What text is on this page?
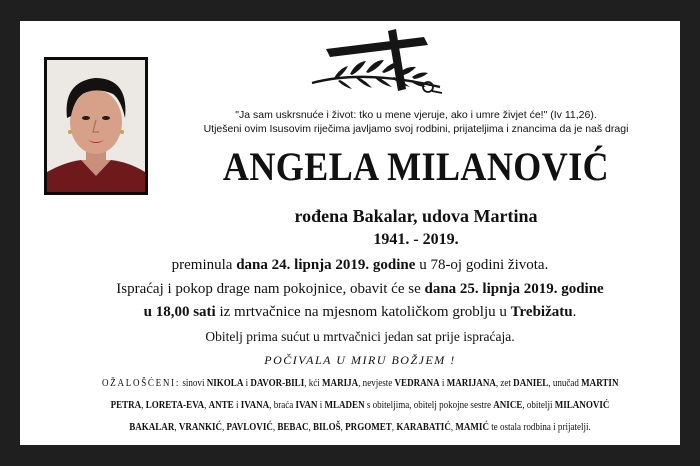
"Ja sam uskrsnuće i život: tko u mene vjeruje, ako i umre živjet će!" (Iv 11,26).
Utješeni ovim Isusovim riječima javljamo svoj rodbini, prijateljima i znancima da je naš dragi
ANGELA MILANOVIĆ
rođena Bakalar, udova Martina
1941. - 2019.
preminula dana 24. lipnja 2019. godine u 78-oj godini života.
Ispraćaj i pokop drage nam pokojnice, obavit će se dana 25. lipnja 2019. godine
u 18,00 sati iz mrtvačnice na mjesnom katoličkom groblju u Trebižatu.
Obitelj prima sućut u mrtvačnici jedan sat prije ispraćaja.
POČIVALA U MIRU BOŽJEM !
OŽALOŠĆENI: sinovi NIKOLA i DAVOR-BILI, kći MARIJA, nevjeste VEDRANA i MARIJANA, zet DANIEL, unučad MARTIN
PETRA, LORETA-EVA, ANTE i IVANA, braća IVAN i MLADEN s obiteljima, obitelj pokojne sestre ANICE, obitelji MILANOVIĆ
BAKALAR, VRANKIĆ, PAVLOVIĆ, BEBAC, BILOŠ, PRGOMET, KARABATIĆ, MAMIĆ te ostala rodbina i prijatelji.
